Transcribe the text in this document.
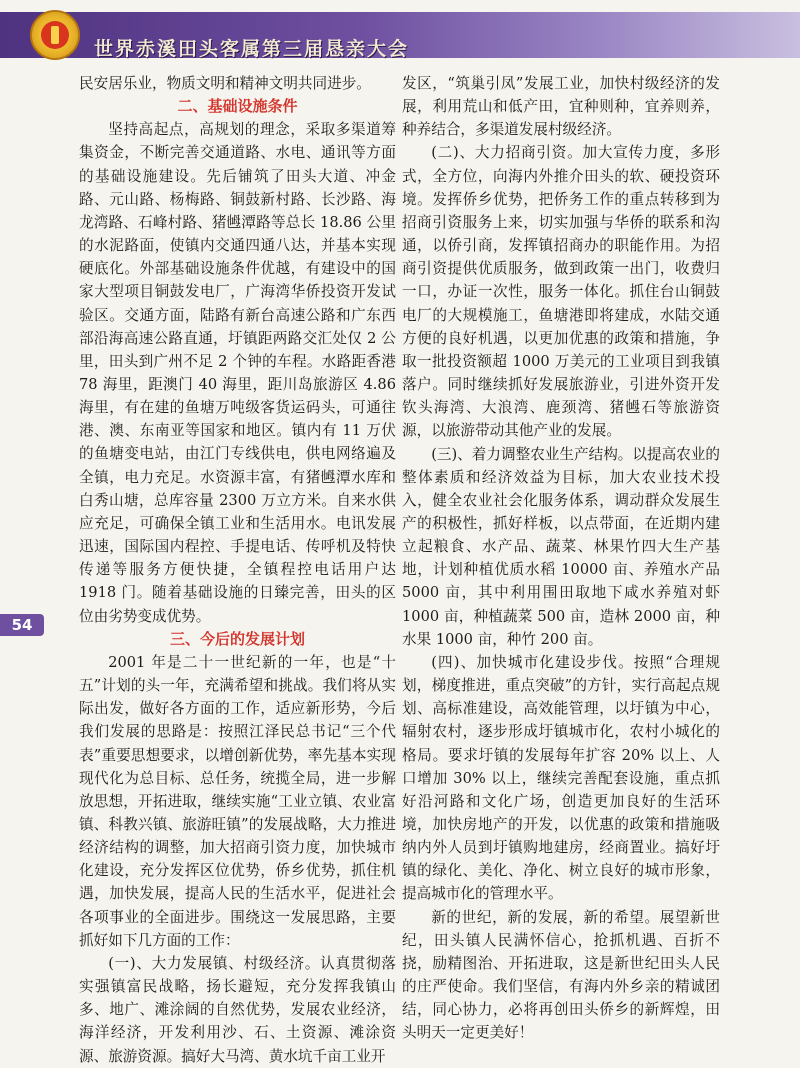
世界赤溪田头客属第三届恳亲大会
54

民安居乐业，物质文明和精神文明共同进步。

二、基础设施条件

坚持高起点，高规划的理念，采取多渠道筹集资金，不断完善交通道路、水电、通讯等方面的基础设施建设。先后铺筑了田头大道、冲金路、元山路、杨梅路、铜鼓新村路、长沙路、海龙湾路、石峰村路、猪乸潭路等总长 18.86 公里的水泥路面，使镇内交通四通八达，并基本实现硬底化。外部基础设施条件优越，有建设中的国家大型项目铜鼓发电厂，广海湾华侨投资开发试验区。交通方面，陆路有新台高速公路和广东西部沿海高速公路直通，圩镇距两路交汇处仅 2 公里，田头到广州不足 2 个钟的车程。水路距香港 78 海里，距澳门 40 海里，距川岛旅游区 4.86 海里，有在建的鱼塘万吨级客货运码头，可通往港、澳、东南亚等国家和地区。镇内有 11 万伏的鱼塘变电站，由江门专线供电，供电网络遍及全镇，电力充足。水资源丰富，有猪乸潭水库和白秀山塘，总库容量 2300 万立方米。自来水供应充足，可确保全镇工业和生活用水。电讯发展迅速，国际国内程控、手提电话、传呼机及特快传递等服务方便快捷，全镇程控电话用户达 1918 门。随着基础设施的日臻完善，田头的区位由劣势变成优势。

三、今后的发展计划

2001 年是二十一世纪新的一年，也是“十五”计划的头一年，充满希望和挑战。我们将从实际出发，做好各方面的工作，适应新形势，今后我们发展的思路是：按照江泽民总书记“三个代表”重要思想要求，以增创新优势，率先基本实现现代化为总目标、总任务，统揽全局，进一步解放思想，开拓进取，继续实施“工业立镇、农业富镇、科教兴镇、旅游旺镇”的发展战略，大力推进经济结构的调整，加大招商引资力度，加快城市化建设，充分发挥区位优势，侨乡优势，抓住机遇，加快发展，提高人民的生活水平，促进社会各项事业的全面进步。围绕这一发展思路，主要抓好如下几方面的工作：

(一)、大力发展镇、村级经济。认真贯彻落实强镇富民战略，扬长避短，充分发挥我镇山多、地广、滩涂阔的自然优势，发展农业经济，海洋经济，开发利用沙、石、土资源、滩涂资源、旅游资源。搞好大马湾、黄水坑千亩工业开

发区，“筑巢引凤”发展工业，加快村级经济的发展，利用荒山和低产田，宜种则种，宜养则养，种养结合，多渠道发展村级经济。

(二)、大力招商引资。加大宣传力度，多形式，全方位，向海内外推介田头的软、硬投资环境。发挥侨乡优势，把侨务工作的重点转移到为招商引资服务上来，切实加强与华侨的联系和沟通，以侨引商，发挥镇招商办的职能作用。为招商引资提供优质服务，做到政策一出门，收费归一口，办证一次性，服务一体化。抓住台山铜鼓电厂的大规模施工，鱼塘港即将建成，水陆交通方便的良好机遇，以更加优惠的政策和措施，争取一批投资额超 1000 万美元的工业项目到我镇落户。同时继续抓好发展旅游业，引进外资开发钦头海湾、大浪湾、鹿颈湾、猪乸石等旅游资源，以旅游带动其他产业的发展。

(三)、着力调整农业生产结构。以提高农业的整体素质和经济效益为目标，加大农业技术投入，健全农业社会化服务体系，调动群众发展生产的积极性，抓好样板，以点带面，在近期内建立起粮食、水产品、蔬菜、林果竹四大生产基地，计划种植优质水稻 10000 亩、养殖水产品 5000 亩，其中利用围田取地下咸水养殖对虾 1000 亩，种植蔬菜 500 亩，造林 2000 亩，种水果 1000 亩，种竹 200 亩。

(四)、加快城市化建设步伐。按照“合理规划，梯度推进，重点突破”的方针，实行高起点规划、高标准建设，高效能管理，以圩镇为中心，辐射农村，逐步形成圩镇城市化，农村小城化的格局。要求圩镇的发展每年扩容 20% 以上、人口增加 30% 以上，继续完善配套设施，重点抓好沿河路和文化广场，创造更加良好的生活环境，加快房地产的开发，以优惠的政策和措施吸纳内外人员到圩镇购地建房，经商置业。搞好圩镇的绿化、美化、净化、树立良好的城市形象，提高城市化的管理水平。

新的世纪，新的发展，新的希望。展望新世纪，田头镇人民满怀信心，抢抓机遇、百折不挠，励精图治、开拓进取，这是新世纪田头人民的庄严使命。我们坚信，有海内外乡亲的精诚团结，同心协力，必将再创田头侨乡的新辉煌，田头明天一定更美好！
